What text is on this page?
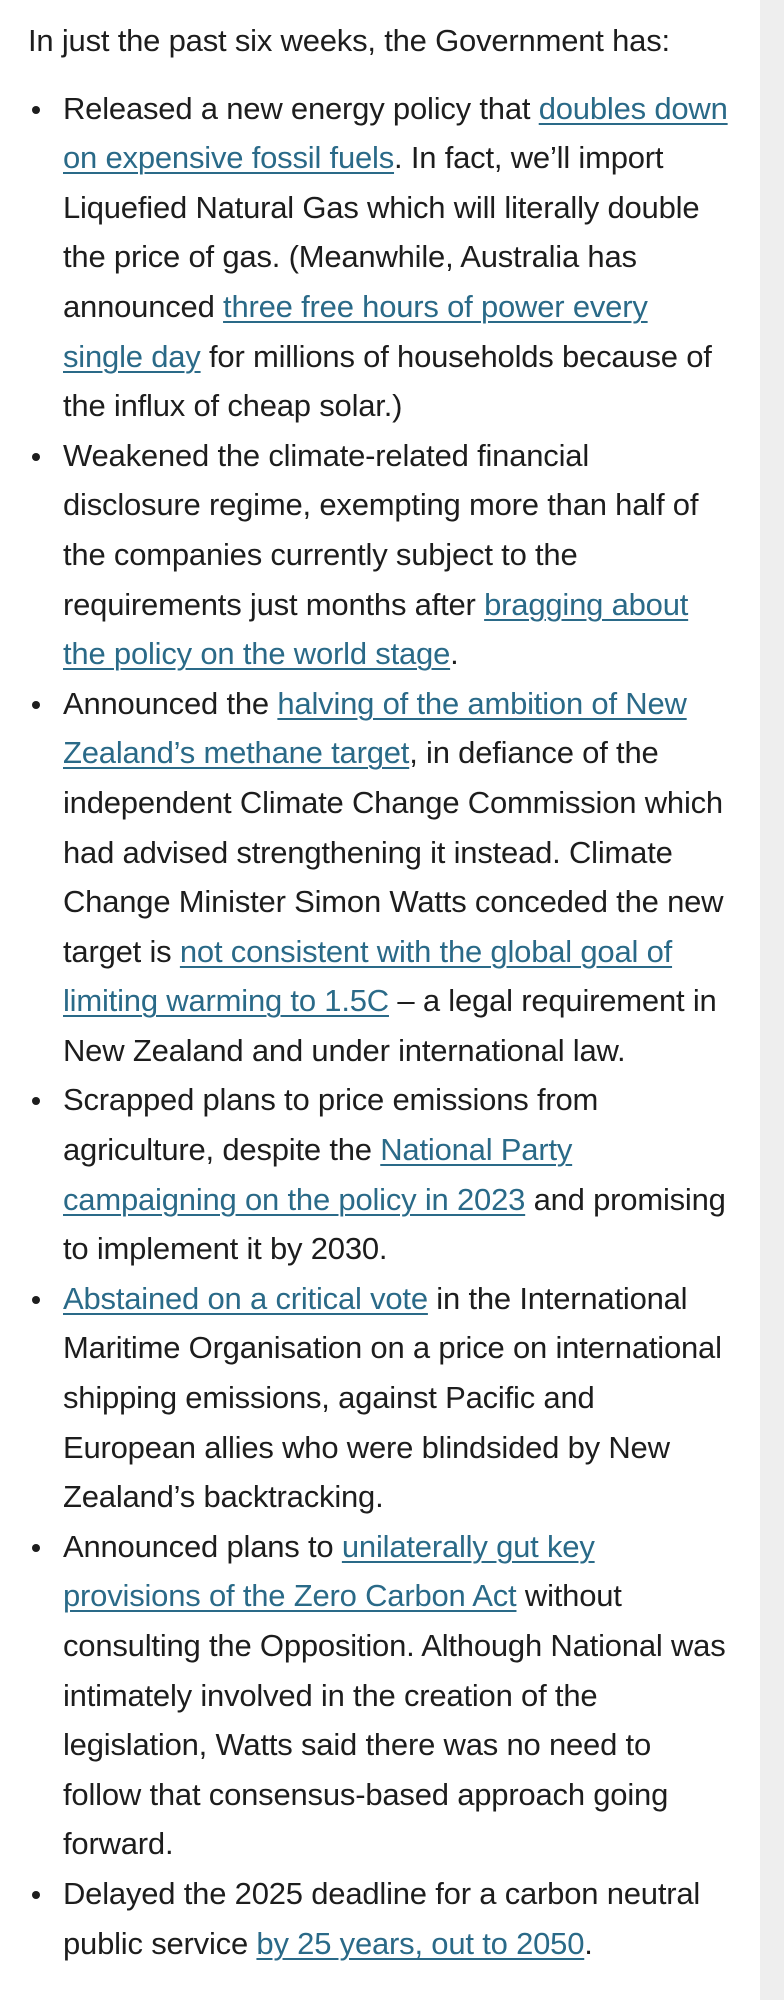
In just the past six weeks, the Government has:

Released a new energy policy that doubles down on expensive fossil fuels. In fact, we’ll import Liquefied Natural Gas which will literally double the price of gas. (Meanwhile, Australia has announced three free hours of power every single day for millions of households because of the influx of cheap solar.)
Weakened the climate-related financial disclosure regime, exempting more than half of the companies currently subject to the requirements just months after bragging about the policy on the world stage.
Announced the halving of the ambition of New Zealand’s methane target, in defiance of the independent Climate Change Commission which had advised strengthening it instead. Climate Change Minister Simon Watts conceded the new target is not consistent with the global goal of limiting warming to 1.5C – a legal requirement in New Zealand and under international law.
Scrapped plans to price emissions from agriculture, despite the National Party campaigning on the policy in 2023 and promising to implement it by 2030.
Abstained on a critical vote in the International Maritime Organisation on a price on international shipping emissions, against Pacific and European allies who were blindsided by New Zealand’s backtracking.
Announced plans to unilaterally gut key provisions of the Zero Carbon Act without consulting the Opposition. Although National was intimately involved in the creation of the legislation, Watts said there was no need to follow that consensus-based approach going forward.
Delayed the 2025 deadline for a carbon neutral public service by 25 years, out to 2050.
